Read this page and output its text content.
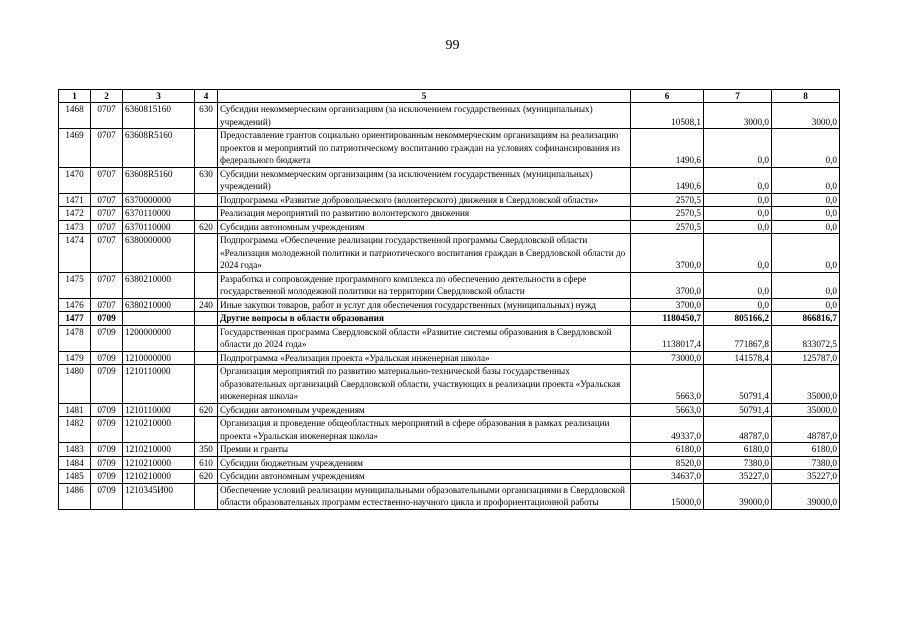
99
1	2	3	4	5	6	7	8
1468	0707	6360815160	630	Субсидии некоммерческим организациям (за исключением государственных (муниципальных) учреждений)	10508,1	3000,0	3000,0
1469	0707	63608R5160		Предоставление грантов социально ориентированным некоммерческим организациям на реализацию проектов и мероприятий по патриотическому воспитанию граждан на условиях софинансирования из федерального бюджета	1490,6	0,0	0,0
1470	0707	63608R5160	630	Субсидии некоммерческим организациям (за исключением государственных (муниципальных) учреждений)	1490,6	0,0	0,0
1471	0707	6370000000		Подпрограмма «Развитие добровольческого (волонтерского) движения в Свердловской области»	2570,5	0,0	0,0
1472	0707	6370110000		Реализация мероприятий по развитию волонтерского движения	2570,5	0,0	0,0
1473	0707	6370110000	620	Субсидии автономным учреждениям	2570,5	0,0	0,0
1474	0707	6380000000		Подпрограмма «Обеспечение реализации государственной программы Свердловской области «Реализация молодежной политики и патриотического воспитания граждан в Свердловской области до 2024 года»	3700,0	0,0	0,0
1475	0707	6380210000		Разработка и сопровождение программного комплекса по обеспечению деятельности в сфере государственной молодежной политики на территории Свердловской области	3700,0	0,0	0,0
1476	0707	6380210000	240	Иные закупки товаров, работ и услуг для обеспечения государственных (муниципальных) нужд	3700,0	0,0	0,0
1477	0709			Другие вопросы в области образования	1180450,7	805166,2	866816,7
1478	0709	1200000000		Государственная программа Свердловской области «Развитие системы образования в Свердловской области до 2024 года»	1138017,4	771867,8	833072,5
1479	0709	1210000000		Подпрограмма «Реализация проекта «Уральская инженерная школа»	73000,0	141578,4	125787,0
1480	0709	1210110000		Организация мероприятий по развитию материально-технической базы государственных образовательных организаций Свердловской области, участвующих в реализации проекта «Уральская инженерная школа»	5663,0	50791,4	35000,0
1481	0709	1210110000	620	Субсидии автономным учреждениям	5663,0	50791,4	35000,0
1482	0709	1210210000		Организация и проведение общеобластных мероприятий в сфере образования в рамках реализации проекта «Уральская инженерная школа»	49337,0	48787,0	48787,0
1483	0709	1210210000	350	Премии и гранты	6180,0	6180,0	6180,0
1484	0709	1210210000	610	Субсидии бюджетным учреждениям	8520,0	7380,0	7380,0
1485	0709	1210210000	620	Субсидии автономным учреждениям	34637,0	35227,0	35227,0
1486	0709	1210345И00		Обеспечение условий реализации муниципальными образовательными организациями в Свердловской области образовательных программ естественно-научного цикла и профориентационной работы	15000,0	39000,0	39000,0
